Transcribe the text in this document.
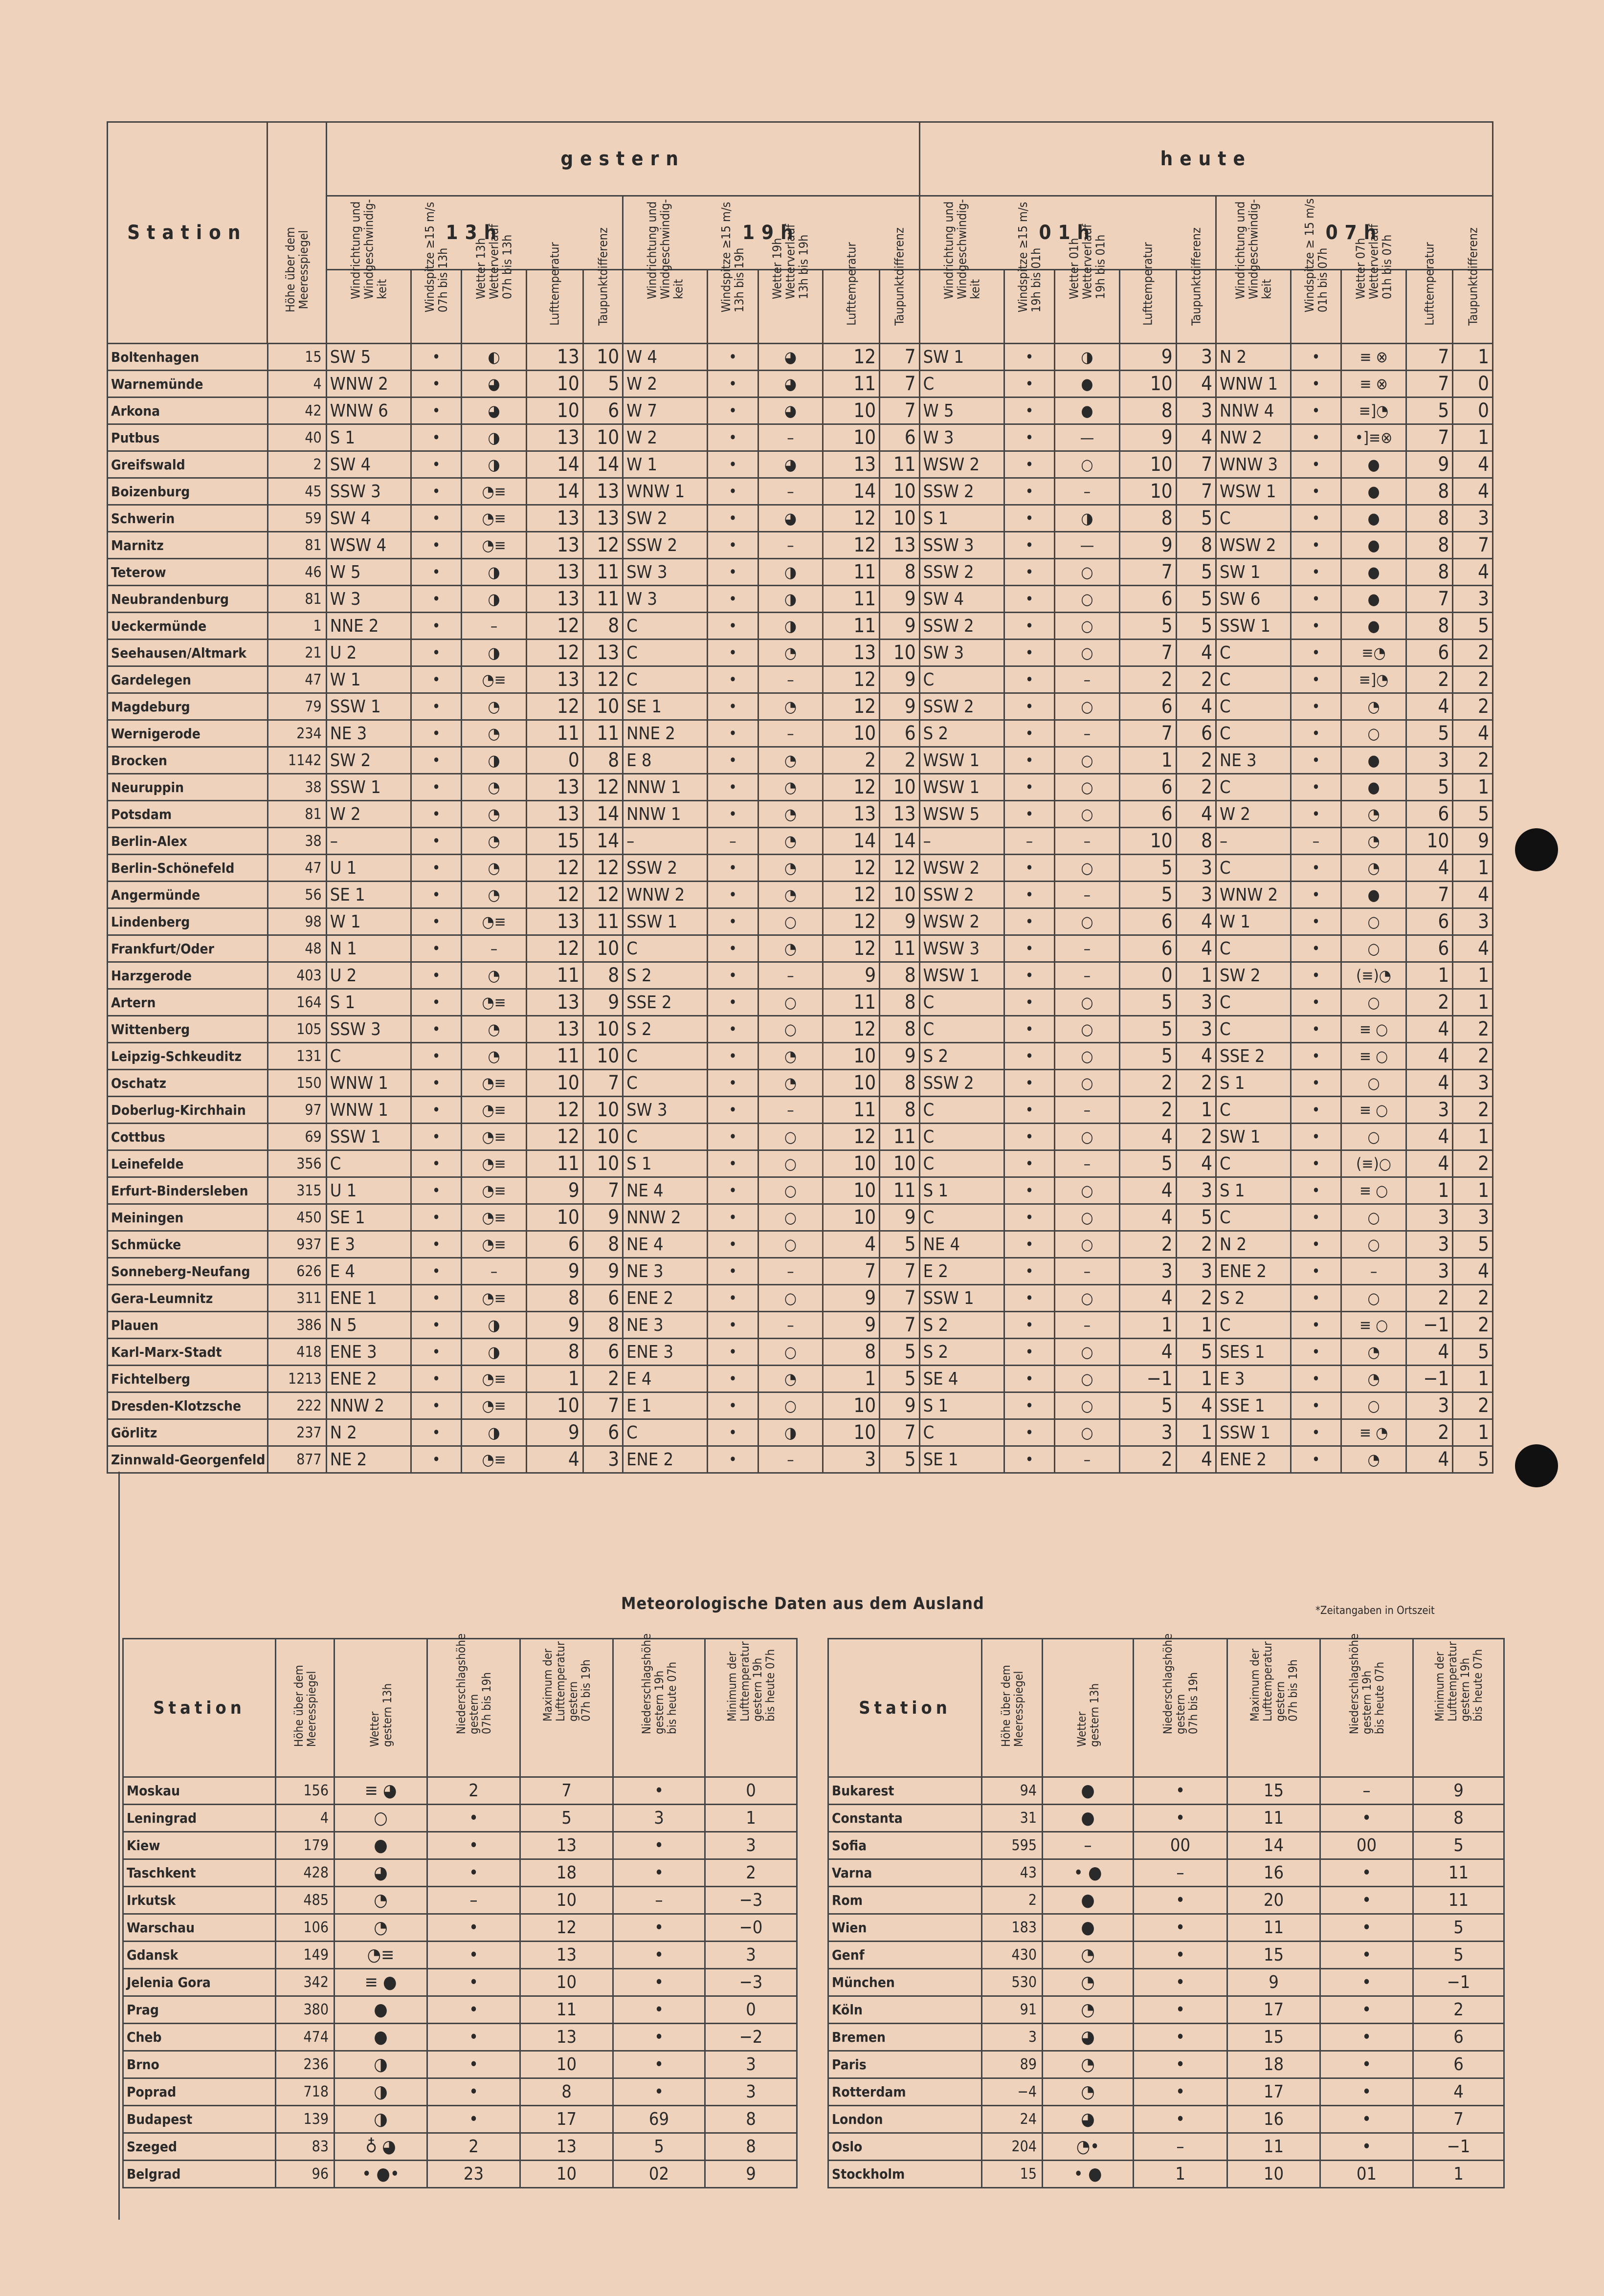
Station
Höhe über dem
Meeresspiegel		gestern										heute									
		13h					19h					01h					07h				

		Windrichtung und
Windgeschwindig-
keit	Windspitze ≥15 m/s
07h bis 13h	Wetter 13h
Wetterverlauf
07h bis 13h	Lufttemperatur	Taupunktdifferenz	Windrichtung und
Windgeschwindig-
keit	Windspitze ≥15 m/s
13h bis 19h	Wetter 19h
Wetterverlauf
13h bis 19h	Lufttemperatur	Taupunktdifferenz	Windrichtung und
Windgeschwindig-
keit	Windspitze ≥15 m/s
19h bis 01h	Wetter 01h
Wetterverlauf
19h bis 01h	Lufttemperatur	Taupunktdifferenz	Windrichtung und
Windgeschwindig-
keit	Windspitze ≥ 15 m/s
01h bis 07h	Wetter 07h
Wetterverlauf
01h bis 07h	Lufttemperatur	Taupunktdifferenz

Boltenhagen	15	SW 5	•	◐	13	10	W 4	•	◕	12	7	SW 1	•	◑	9	3	N 2	•	≡ ⊗	7	1
Warnemünde	4	WNW 2	•	◕	10	5	W 2	•	◕	11	7	C	•	●	10	4	WNW 1	•	≡ ⊗	7	0
Arkona	42	WNW 6	•	◕	10	6	W 7	•	◕	10	7	W 5	•	●	8	3	NNW 4	•	≡]◔	5	0
Putbus	40	S 1	•	◑	13	10	W 2	•	–	10	6	W 3	•	—	9	4	NW 2	•	•]≡⊗	7	1
Greifswald	2	SW 4	•	◑	14	14	W 1	•	◕	13	11	WSW 2	•	○	10	7	WNW 3	•	●	9	4
Boizenburg	45	SSW 3	•	◔≡	14	13	WNW 1	•	–	14	10	SSW 2	•	–	10	7	WSW 1	•	●	8	4
Schwerin	59	SW 4	•	◔≡	13	13	SW 2	•	◕	12	10	S 1	•	◑	8	5	C	•	●	8	3
Marnitz	81	WSW 4	•	◔≡	13	12	SSW 2	•	–	12	13	SSW 3	•	—	9	8	WSW 2	•	●	8	7
Teterow	46	W 5	•	◑	13	11	SW 3	•	◑	11	8	SSW 2	•	○	7	5	SW 1	•	●	8	4
Neubrandenburg	81	W 3	•	◑	13	11	W 3	•	◑	11	9	SW 4	•	○	6	5	SW 6	•	●	7	3
Ueckermünde	1	NNE 2	•	–	12	8	C	•	◑	11	9	SSW 2	•	○	5	5	SSW 1	•	●	8	5
Seehausen/Altmark	21	U 2	•	◑	12	13	C	•	◔	13	10	SW 3	•	○	7	4	C	•	≡◔	6	2
Gardelegen	47	W 1	•	◔≡	13	12	C	•	–	12	9	C	•	–	2	2	C	•	≡]◔	2	2
Magdeburg	79	SSW 1	•	◔	12	10	SE 1	•	◔	12	9	SSW 2	•	○	6	4	C	•	◔	4	2
Wernigerode	234	NE 3	•	◔	11	11	NNE 2	•	–	10	6	S 2	•	–	7	6	C	•	○	5	4
Brocken	1142	SW 2	•	◑	0	8	E 8	•	◔	2	2	WSW 1	•	○	1	2	NE 3	•	●	3	2
Neuruppin	38	SSW 1	•	◔	13	12	NNW 1	•	◔	12	10	WSW 1	•	○	6	2	C	•	●	5	1
Potsdam	81	W 2	•	◔	13	14	NNW 1	•	◔	13	13	WSW 5	•	○	6	4	W 2	•	◔	6	5
Berlin-Alex	38	–	•	◔	15	14	–	–	◔	14	14	–	–	–	10	8	–	–	◔	10	9
Berlin-Schönefeld	47	U 1	•	◔	12	12	SSW 2	•	◔	12	12	WSW 2	•	○	5	3	C	•	◔	4	1
Angermünde	56	SE 1	•	◔	12	12	WNW 2	•	◔	12	10	SSW 2	•	–	5	3	WNW 2	•	●	7	4
Lindenberg	98	W 1	•	◔≡	13	11	SSW 1	•	○	12	9	WSW 2	•	○	6	4	W 1	•	○	6	3
Frankfurt/Oder	48	N 1	•	–	12	10	C	•	◔	12	11	WSW 3	•	–	6	4	C	•	○	6	4
Harzgerode	403	U 2	•	◔	11	8	S 2	•	–	9	8	WSW 1	•	–	0	1	SW 2	•	(≡)◔	1	1
Artern	164	S 1	•	◔≡	13	9	SSE 2	•	○	11	8	C	•	○	5	3	C	•	○	2	1
Wittenberg	105	SSW 3	•	◔	13	10	S 2	•	○	12	8	C	•	○	5	3	C	•	≡ ○	4	2
Leipzig-Schkeuditz	131	C	•	◔	11	10	C	•	◔	10	9	S 2	•	○	5	4	SSE 2	•	≡ ○	4	2
Oschatz	150	WNW 1	•	◔≡	10	7	C	•	◔	10	8	SSW 2	•	○	2	2	S 1	•	○	4	3
Doberlug-Kirchhain	97	WNW 1	•	◔≡	12	10	SW 3	•	–	11	8	C	•	–	2	1	C	•	≡ ○	3	2
Cottbus	69	SSW 1	•	◔≡	12	10	C	•	○	12	11	C	•	○	4	2	SW 1	•	○	4	1
Leinefelde	356	C	•	◔≡	11	10	S 1	•	○	10	10	C	•	–	5	4	C	•	(≡)○	4	2
Erfurt-Bindersleben	315	U 1	•	◔≡	9	7	NE 4	•	○	10	11	S 1	•	○	4	3	S 1	•	≡ ○	1	1
Meiningen	450	SE 1	•	◔≡	10	9	NNW 2	•	○	10	9	C	•	○	4	5	C	•	○	3	3
Schmücke	937	E 3	•	◔≡	6	8	NE 4	•	○	4	5	NE 4	•	○	2	2	N 2	•	○	3	5
Sonneberg-Neufang	626	E 4	•	–	9	9	NE 3	•	–	7	7	E 2	•	–	3	3	ENE 2	•	–	3	4
Gera-Leumnitz	311	ENE 1	•	◔≡	8	6	ENE 2	•	○	9	7	SSW 1	•	○	4	2	S 2	•	○	2	2
Plauen	386	N 5	•	◑	9	8	NE 3	•	–	9	7	S 2	•	–	1	1	C	•	≡ ○	−1	2
Karl-Marx-Stadt	418	ENE 3	•	◑	8	6	ENE 3	•	○	8	5	S 2	•	○	4	5	SES 1	•	◔	4	5
Fichtelberg	1213	ENE 2	•	◔≡	1	2	E 4	•	◔	1	5	SE 4	•	○	−1	1	E 3	•	◔	−1	1
Dresden-Klotzsche	222	NNW 2	•	◔≡	10	7	E 1	•	○	10	9	S 1	•	○	5	4	SSE 1	•	○	3	2
Görlitz	237	N 2	•	◑	9	6	C	•	◑	10	7	C	•	○	3	1	SSW 1	•	≡ ◔	2	1
Zinnwald-Georgenfeld	877	NE 2	•	◔≡	4	3	ENE 2	•	–	3	5	SE 1	•	–	2	4	ENE 2	•	◔	4	5
Meteorologische Daten aus dem Ausland	*Zeitangaben in Ortszeit
Station	Höhe über dem
Meeresspiegel	Wetter
gestern 13h	Niederschlagshöhe
gestern
07h bis 19h	Maximum der
Lufttemperatur
gestern
07h bis 19h	Niederschlagshöhe
gestern 19h
bis heute 07h	Minimum der
Lufttemperatur
gestern 19h
bis heute 07h

Moskau	156	≡ ◕	2	7	•	0
Leningrad	4	○	•	5	3	1
Kiew	179	●	•	13	•	3
Taschkent	428	◕	•	18	•	2
Irkutsk	485	◔	–	10	–	−3
Warschau	106	◔	•	12	•	−0
Gdansk	149	◔≡	•	13	•	3
Jelenia Gora	342	≡ ●	•	10	•	−3
Prag	380	●	•	11	•	0
Cheb	474	●	•	13	•	−2
Brno	236	◑	•	10	•	3
Poprad	718	◑	•	8	•	3
Budapest	139	◑	•	17	69	8
Szeged	83	♁ ◕	2	13	5	8
Belgrad	96	• ●•	23	10	02	9
Station	Höhe über dem
Meeresspiegel	Wetter
gestern 13h	Niederschlagshöhe
gestern
07h bis 19h	Maximum der
Lufttemperatur
gestern
07h bis 19h	Niederschlagshöhe
gestern 19h
bis heute 07h	Minimum der
Lufttemperatur
gestern 19h
bis heute 07h

Bukarest	94	●	•	15	–	9
Constanta	31	●	•	11	•	8
Sofia	595	–	00	14	00	5
Varna	43	• ●	–	16	•	11
Rom	2	●	•	20	•	11
Wien	183	●	•	11	•	5
Genf	430	◔	•	15	•	5
München	530	◔	•	9	•	−1
Köln	91	◔	•	17	•	2
Bremen	3	◕	•	15	•	6
Paris	89	◔	•	18	•	6
Rotterdam	−4	◔	•	17	•	4
London	24	◕	•	16	•	7
Oslo	204	◔•	–	11	•	−1
Stockholm	15	• ●	1	10	01	1
